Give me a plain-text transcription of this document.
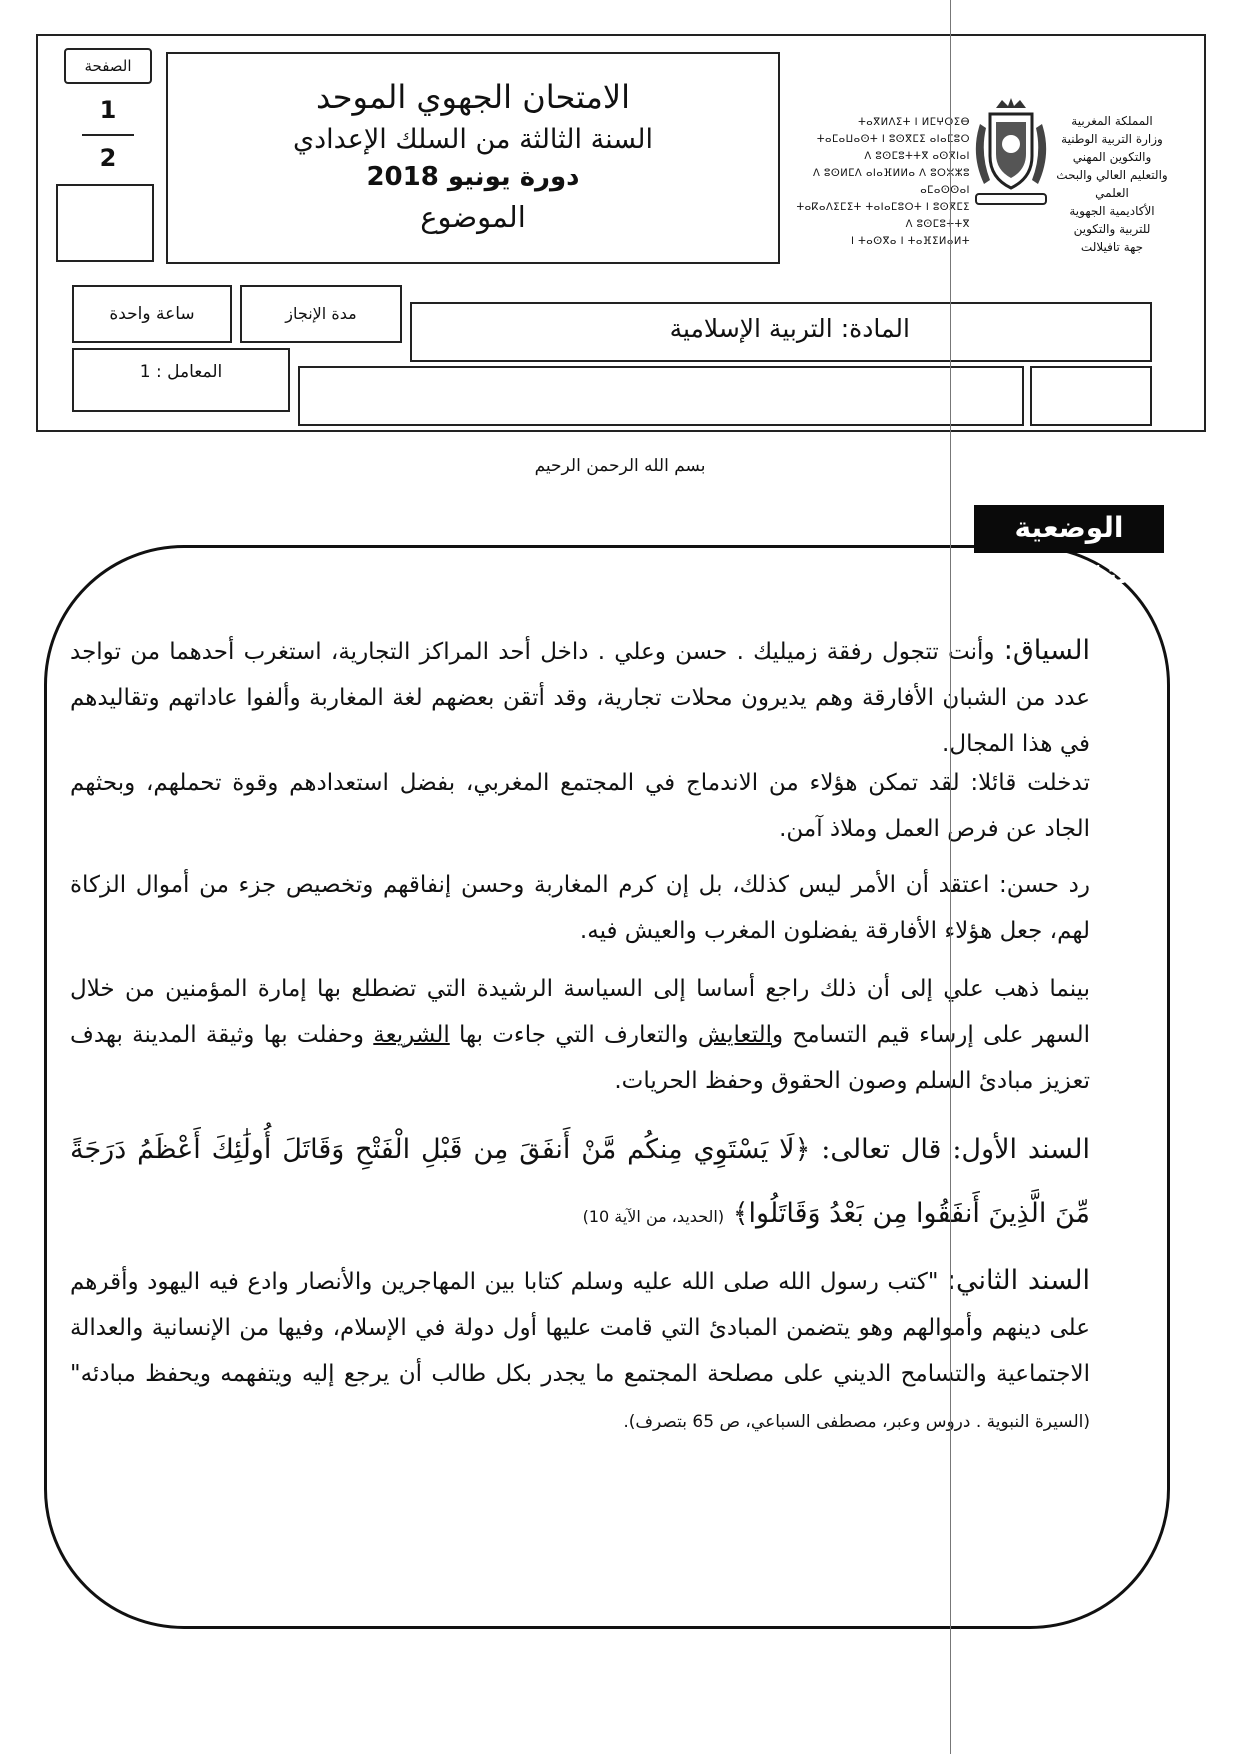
الصفحة
1
2
الامتحان الجهوي الموحد
السنة الثالثة من السلك الإعدادي
دورة يونيو 2018
الموضوع
ⵜⴰⴳⵍⴷⵉⵜ ⵏ ⵍⵎⵖⵔⵉⴱ
ⵜⴰⵎⴰⵡⴰⵙⵜ ⵏ ⵓⵙⴳⵎⵉ ⴰⵏⴰⵎⵓⵔ
ⴷ ⵓⵙⵎⵓⵜⵜⴳ ⴰⵙⴳⵏⴰⵏ
ⴷ ⵓⵙⵍⵎⴷ ⴰⵏⴰⴼⵍⵍⴰ ⴷ ⵓⵔⵣⵣⵓ ⴰⵎⴰⵙⵙⴰⵏ
ⵜⴰⴽⴰⴷⵉⵎⵉⵜ ⵜⴰⵏⴰⵎⵓⵔⵜ ⵏ ⵓⵙⴳⵎⵉ ⴷ ⵓⵙⵎⵓⵜⵜⴳ
ⵏ ⵜⴰⵙⴳⴰ ⵏ ⵜⴰⴼⵉⵍⴰⵍⵜ
المملكة المغربية
وزارة التربية الوطنية
والتكوين المهني
والتعليم العالي والبحث العلمي
الأكاديمية الجهوية للتربية والتكوين
جهة تافيلالت
ساعة واحدة	مدة الإنجاز
المادة: التربية الإسلامية
المعامل : 1
بسم الله الرحمن الرحيم
الوضعية التقويمية:
السياق: وأنت تتجول رفقة زميليك . حسن وعلي . داخل أحد المراكز التجارية، استغرب أحدهما من تواجد عدد من الشبان الأفارقة وهم يديرون محلات تجارية، وقد أتقن بعضهم لغة المغاربة وألفوا عاداتهم وتقاليدهم في هذا المجال.
تدخلت قائلا: لقد تمكن هؤلاء من الاندماج في المجتمع المغربي، بفضل استعدادهم وقوة تحملهم، وبحثهم الجاد عن فرص العمل وملاذ آمن.
رد حسن: اعتقد أن الأمر ليس كذلك، بل إن كرم المغاربة وحسن إنفاقهم وتخصيص جزء من أموال الزكاة لهم، جعل هؤلاء الأفارقة يفضلون المغرب والعيش فيه.
بينما ذهب علي إلى أن ذلك راجع أساسا إلى السياسة الرشيدة التي تضطلع بها إمارة المؤمنين من خلال السهر على إرساء قيم التسامح والتعايش والتعارف التي جاءت بها الشريعة وحفلت بها وثيقة المدينة بهدف تعزيز مبادئ السلم وصون الحقوق وحفظ الحريات.
السند الأول: قال تعالى: ﴿لَا يَسْتَوِي مِنكُم مَّنْ أَنفَقَ مِن قَبْلِ الْفَتْحِ وَقَاتَلَ أُولَٰئِكَ أَعْظَمُ دَرَجَةً مِّنَ الَّذِينَ أَنفَقُوا مِن بَعْدُ وَقَاتَلُوا﴾ (الحديد، من الآية 10)
السند الثاني: "كتب رسول الله صلى الله عليه وسلم كتابا بين المهاجرين والأنصار وادع فيه اليهود وأقرهم على دينهم وأموالهم وهو يتضمن المبادئ التي قامت عليها أول دولة في الإسلام، وفيها من الإنسانية والعدالة الاجتماعية والتسامح الديني على مصلحة المجتمع ما يجدر بكل طالب أن يرجع إليه ويتفهمه ويحفظ مبادئه" (السيرة النبوية . دروس وعبر، مصطفى السباعي، ص 65 بتصرف).
